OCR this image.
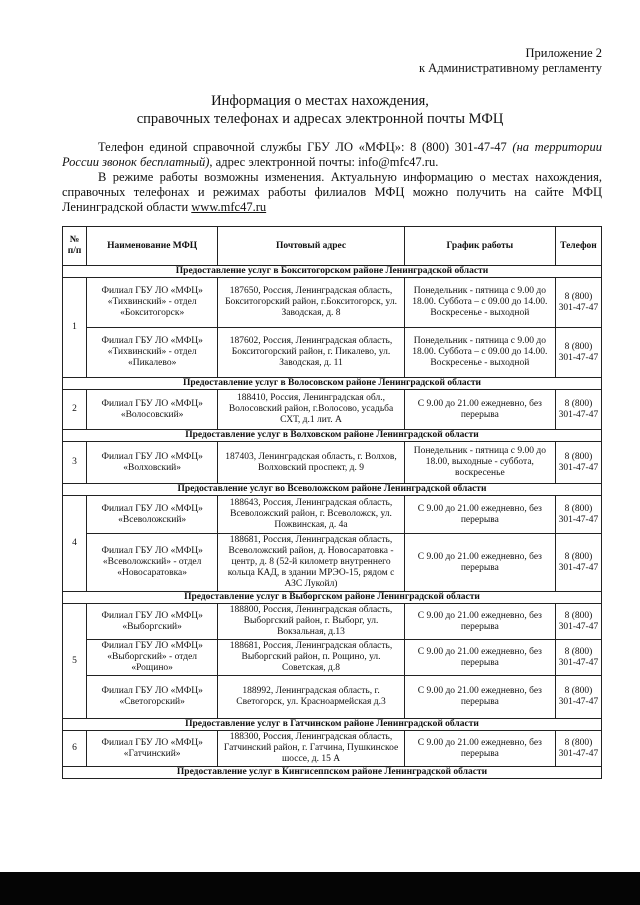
Приложение 2
к Административному регламенту
Информация о местах нахождения,
справочных телефонах и адресах электронной почты МФЦ

Телефон единой справочной службы ГБУ ЛО «МФЦ»: 8 (800) 301-47-47 (на территории России звонок бесплатный), адрес электронной почты: info@mfc47.ru.

В режиме работы возможны изменения. Актуальную информацию о местах нахождения, справочных телефонах и режимах работы филиалов МФЦ можно получить на сайте МФЦ Ленинградской области www.mfc47.ru

№ п/п	Наименование МФЦ	Почтовый адрес	График работы	Телефон
Предоставление услуг в Бокситогорском районе Ленинградской области				
1	Филиал ГБУ ЛО «МФЦ» «Тихвинский» - отдел «Бокситогорск»	187650, Россия, Ленинградская область, Бокситогорский район, г.Бокситогорск, ул. Заводская, д. 8	Понедельник - пятница с 9.00 до 18.00. Суббота – с 09.00 до 14.00. Воскресенье - выходной	8 (800) 301-47-47
	Филиал ГБУ ЛО «МФЦ» «Тихвинский» - отдел «Пикалево»	187602, Россия, Ленинградская область, Бокситогорский район, г. Пикалево, ул. Заводская, д. 11	Понедельник - пятница с 9.00 до 18.00. Суббота – с 09.00 до 14.00. Воскресенье - выходной	8 (800) 301-47-47
Предоставление услуг в Волосовском районе Ленинградской области				
2	Филиал ГБУ ЛО «МФЦ» «Волосовский»	188410, Россия, Ленинградская обл., Волосовский район, г.Волосово, усадьба СХТ, д.1 лит. А	С 9.00 до 21.00 ежедневно, без перерыва	8 (800) 301-47-47
Предоставление услуг в Волховском районе Ленинградской области				
3	Филиал ГБУ ЛО «МФЦ» «Волховский»	187403, Ленинградская область, г. Волхов, Волховский проспект, д. 9	Понедельник - пятница с 9.00 до 18.00, выходные - суббота, воскресенье	8 (800) 301-47-47
Предоставление услуг во Всеволожском районе Ленинградской области				
4	Филиал ГБУ ЛО «МФЦ» «Всеволожский»	188643, Россия, Ленинградская область, Всеволожский район, г. Всеволожск, ул. Пожвинская, д. 4а	С 9.00 до 21.00 ежедневно, без перерыва	8 (800) 301-47-47
	Филиал ГБУ ЛО «МФЦ» «Всеволожский» - отдел «Новосаратовка»	188681, Россия, Ленинградская область, Всеволожский район, д. Новосаратовка - центр, д. 8 (52-й километр внутреннего кольца КАД, в здании МРЭО-15, рядом с АЗС Лукойл)	С 9.00 до 21.00 ежедневно, без перерыва	8 (800) 301-47-47
Предоставление услуг в Выборгском районе Ленинградской области				
5	Филиал ГБУ ЛО «МФЦ» «Выборгский»	188800, Россия, Ленинградская область, Выборгский район, г. Выборг, ул. Вокзальная, д.13	С 9.00 до 21.00 ежедневно, без перерыва	8 (800) 301-47-47
	Филиал ГБУ ЛО «МФЦ» «Выборгский» - отдел «Рощино»	188681, Россия, Ленинградская область, Выборгский район, п. Рощино, ул. Советская, д.8	С 9.00 до 21.00 ежедневно, без перерыва	8 (800) 301-47-47
	Филиал ГБУ ЛО «МФЦ» «Светогорский»	188992, Ленинградская область, г. Светогорск, ул. Красноармейская д.3	С 9.00 до 21.00 ежедневно, без перерыва	8 (800) 301-47-47
Предоставление услуг в Гатчинском районе Ленинградской области				
6	Филиал ГБУ ЛО «МФЦ» «Гатчинский»	188300, Россия, Ленинградская область, Гатчинский район, г. Гатчина, Пушкинское шоссе, д. 15 А	С 9.00 до 21.00 ежедневно, без перерыва	8 (800) 301-47-47
Предоставление услуг в Кингисеппском районе Ленинградской области				
